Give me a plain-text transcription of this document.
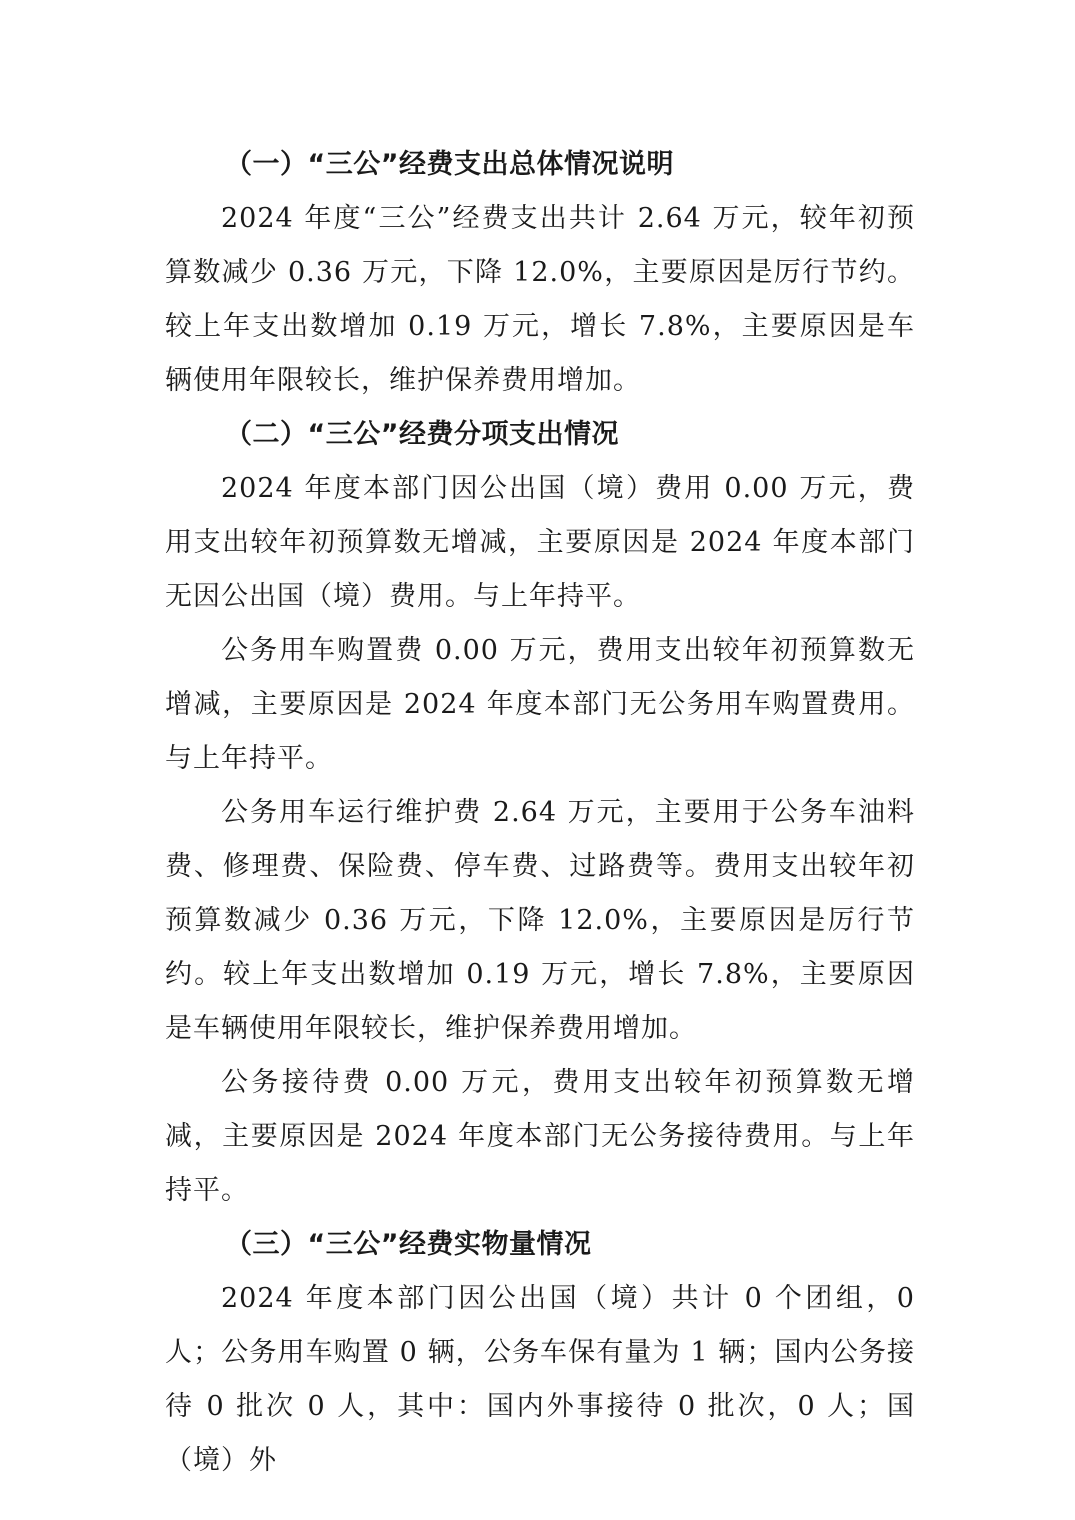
（一）“三公”经费支出总体情况说明

2024 年度“三公”经费支出共计 2.64 万元，较年初预算数减少 0.36 万元，下降 12.0%，主要原因是厉行节约。较上年支出数增加 0.19 万元，增长 7.8%，主要原因是车辆使用年限较长，维护保养费用增加。

（二）“三公”经费分项支出情况

2024 年度本部门因公出国（境）费用 0.00 万元，费用支出较年初预算数无增减，主要原因是 2024 年度本部门无因公出国（境）费用。与上年持平。

公务用车购置费 0.00 万元，费用支出较年初预算数无增减，主要原因是 2024 年度本部门无公务用车购置费用。与上年持平。

公务用车运行维护费 2.64 万元，主要用于公务车油料费、修理费、保险费、停车费、过路费等。费用支出较年初预算数减少 0.36 万元，下降 12.0%，主要原因是厉行节约。较上年支出数增加 0.19 万元，增长 7.8%，主要原因是车辆使用年限较长，维护保养费用增加。

公务接待费 0.00 万元，费用支出较年初预算数无增减，主要原因是 2024 年度本部门无公务接待费用。与上年持平。

（三）“三公”经费实物量情况

2024 年度本部门因公出国（境）共计 0 个团组，0 人；公务用车购置 0 辆，公务车保有量为 1 辆；国内公务接待 0 批次 0 人，其中：国内外事接待 0 批次，0 人；国（境）外
